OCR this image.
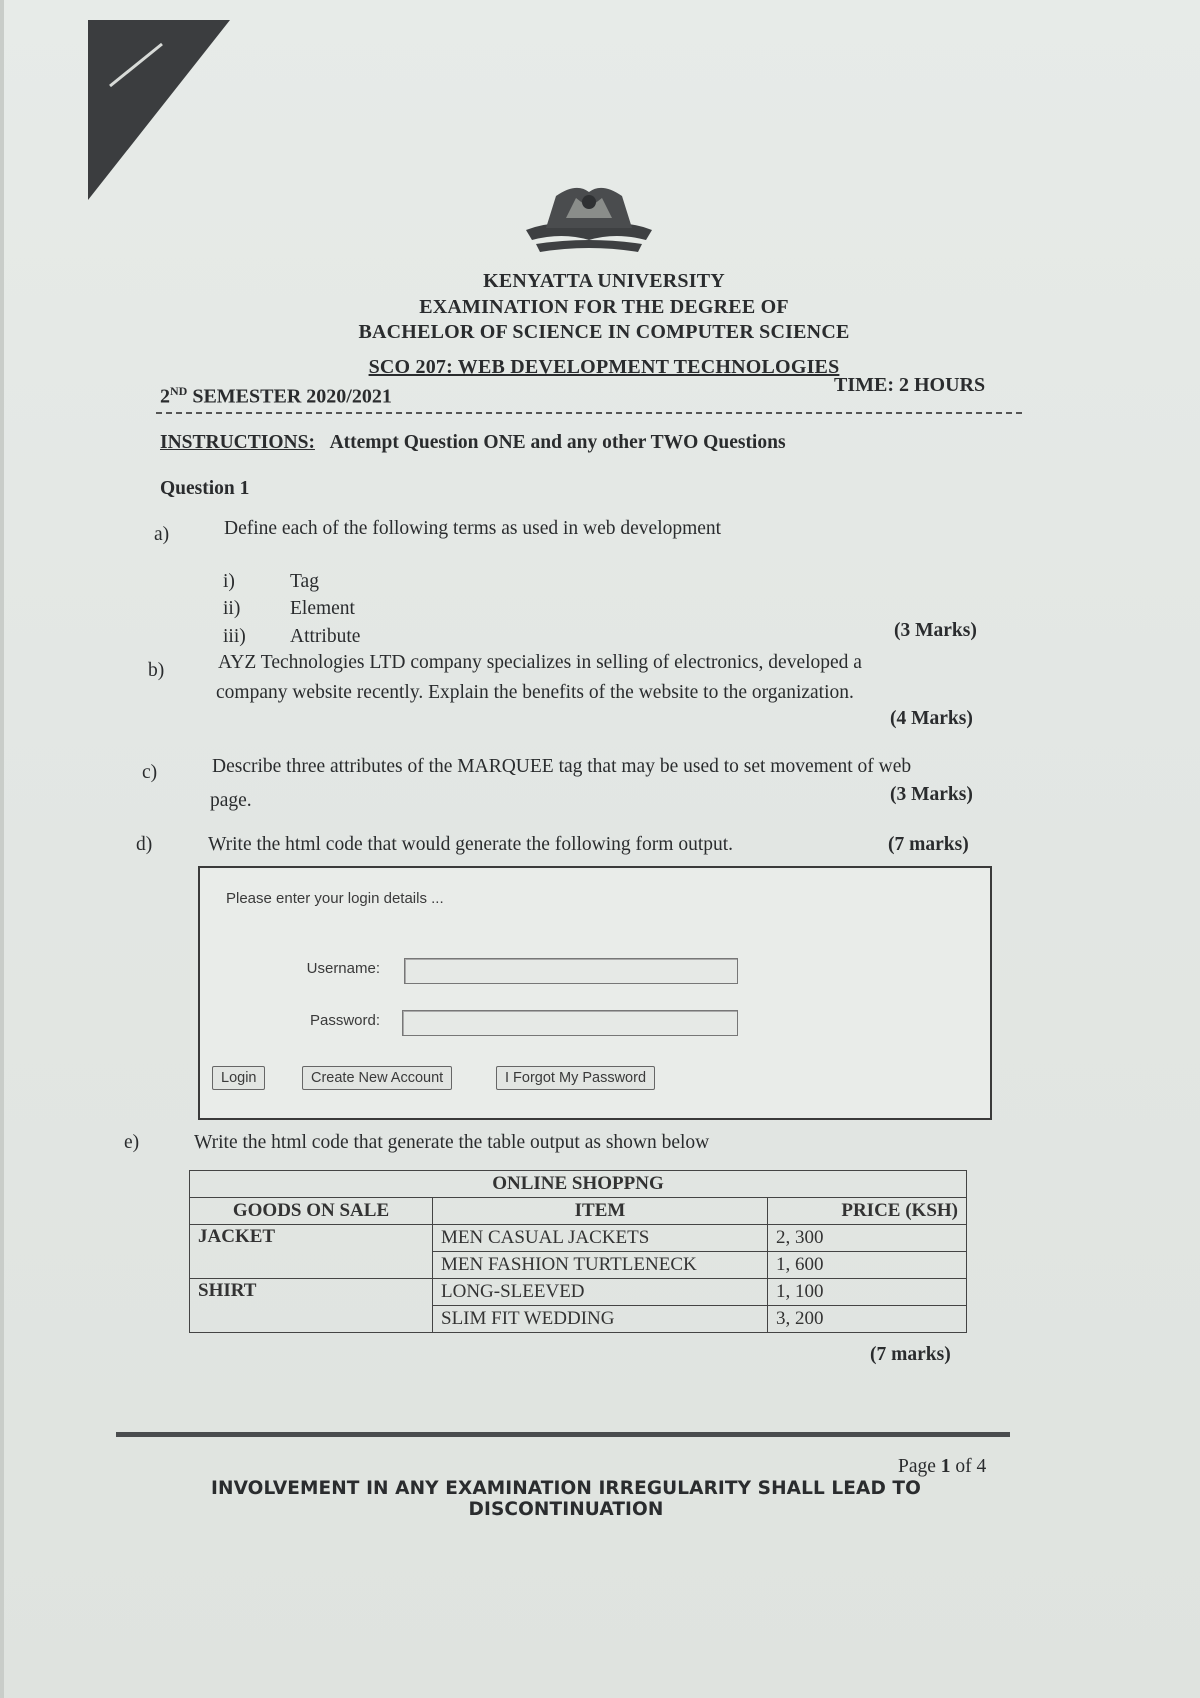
KENYATTA UNIVERSITY
EXAMINATION FOR THE DEGREE OF
BACHELOR OF SCIENCE IN COMPUTER SCIENCE
SCO 207: WEB DEVELOPMENT TECHNOLOGIES
2ND SEMESTER 2020/2021
TIME: 2 HOURS
INSTRUCTIONS: Attempt Question ONE and any other TWO Questions
Question 1
a)	Define each of the following terms as used in web development
i)	Tag
ii)	Element
iii) Attribute	(3 Marks)
b)	AYZ Technologies LTD company specializes in selling of electronics, developed a
company website recently. Explain the benefits of the website to the organization.
(4 Marks)
c)	Describe three attributes of the MARQUEE tag that may be used to set movement of web
page.	(3 Marks)
d)	Write the html code that would generate the following form output.	(7 marks)
Please enter your login details ...
Username:
Password:
Login	Create New Account	I Forgot My Password
e)	Write the html code that generate the table output as shown below
ONLINE SHOPPNG		
GOODS ON SALE	ITEM	PRICE (KSH)
JACKET	MEN CASUAL JACKETS	2, 300
	MEN FASHION TURTLENECK	1, 600
SHIRT	LONG-SLEEVED	1, 100
	SLIM FIT WEDDING	3, 200
(7 marks)
Page 1 of 4
INVOLVEMENT IN ANY EXAMINATION IRREGULARITY SHALL LEAD TO DISCONTINUATION
